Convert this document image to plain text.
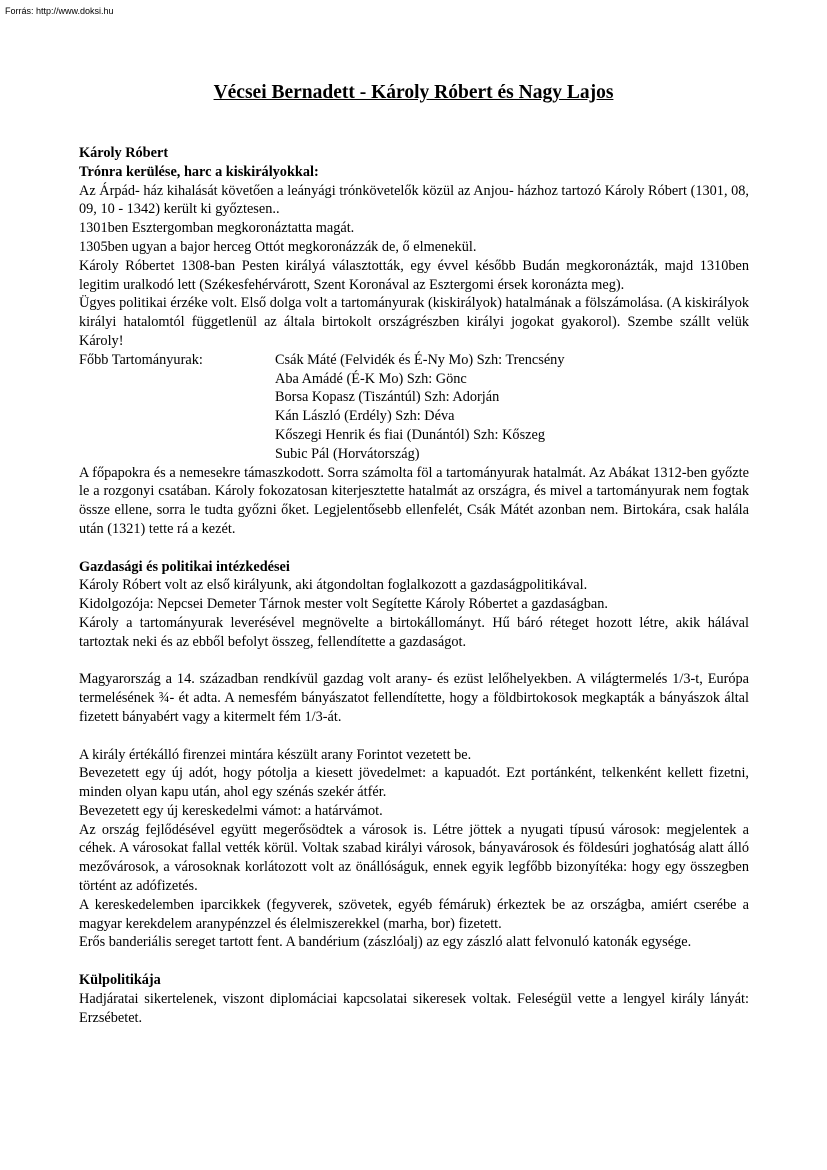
Forrás: http://www.doksi.hu
Vécsei Bernadett - Károly Róbert és Nagy Lajos

Károly Róbert

Trónra kerülése, harc a kiskirályokkal:

Az Árpád- ház kihalását követően a leányági trónkövetelők közül az Anjou- házhoz tartozó Károly Róbert (1301, 08, 09, 10 - 1342) került ki győztesen..

1301ben Esztergomban megkoronáztatta magát.

1305ben ugyan a bajor herceg Ottót megkoronázzák de, ő elmenekül.

Károly Róbertet 1308-ban Pesten királyá választották, egy évvel később Budán megkoronázták, majd 1310ben legitim uralkodó lett (Székesfehérvárott, Szent Koronával az Esztergomi érsek koronázta meg).

Ügyes politikai érzéke volt. Első dolga volt a tartományurak (kiskirályok) hatalmának a fölszámolása. (A kiskirályok királyi hatalomtól függetlenül az általa birtokolt országrészben királyi jogokat gyakorol). Szembe szállt velük Károly!

Főbb Tartományurak:	Csák Máté (Felvidék és É-Ny Mo) Szh: Trencsény
Aba Amádé (É-K Mo) Szh: Gönc
Borsa Kopasz (Tiszántúl) Szh: Adorján
Kán László (Erdély) Szh: Déva
Kőszegi Henrik és fiai (Dunántól) Szh: Kőszeg
Subic Pál (Horvátország)

A főpapokra és a nemesekre támaszkodott. Sorra számolta föl a tartományurak hatalmát. Az Abákat 1312-ben győzte le a rozgonyi csatában. Károly fokozatosan kiterjesztette hatalmát az országra, és mivel a tartományurak nem fogtak össze ellene, sorra le tudta győzni őket. Legjelentősebb ellenfelét, Csák Mátét azonban nem. Birtokára, csak halála után (1321) tette rá a kezét.

Gazdasági és politikai intézkedései

Károly Róbert volt az első királyunk, aki átgondoltan foglalkozott a gazdaságpolitikával.

Kidolgozója: Nepcsei Demeter Tárnok mester volt Segítette Károly Róbertet a gazdaságban.

Károly a tartományurak leverésével megnövelte a birtokállományt. Hű báró réteget hozott létre, akik hálával tartoztak neki és az ebből befolyt összeg, fellendítette a gazdaságot.

Magyarország a 14. században rendkívül gazdag volt arany- és ezüst lelőhelyekben. A világtermelés 1/3-t, Európa termelésének ¾- ét adta. A nemesfém bányászatot fellendítette, hogy a földbirtokosok megkapták a bányászok által fizetett bányabért vagy a kitermelt fém 1/3-át.

A király értékálló firenzei mintára készült arany Forintot vezetett be.

Bevezetett egy új adót, hogy pótolja a kiesett jövedelmet: a kapuadót. Ezt portánként, telkenként kellett fizetni, minden olyan kapu után, ahol egy szénás szekér átfér.

Bevezetett egy új kereskedelmi vámot: a határvámot.

Az ország fejlődésével együtt megerősödtek a városok is. Létre jöttek a nyugati típusú városok: megjelentek a céhek. A városokat fallal vették körül. Voltak szabad királyi városok, bányavárosok és földesúri joghatóság alatt álló mezővárosok, a városoknak korlátozott volt az önállóságuk, ennek egyik legfőbb bizonyítéka: hogy egy összegben történt az adófizetés.

A kereskedelemben iparcikkek (fegyverek, szövetek, egyéb fémáruk) érkeztek be az országba, amiért cserébe a magyar kerekdelem aranypénzzel és élelmiszerekkel (marha, bor) fizetett.

Erős banderiális sereget tartott fent. A bandérium (zászlóalj) az egy zászló alatt felvonuló katonák egysége.

Külpolitikája

Hadjáratai sikertelenek, viszont diplomáciai kapcsolatai sikeresek voltak. Feleségül vette a lengyel király lányát: Erzsébetet.
